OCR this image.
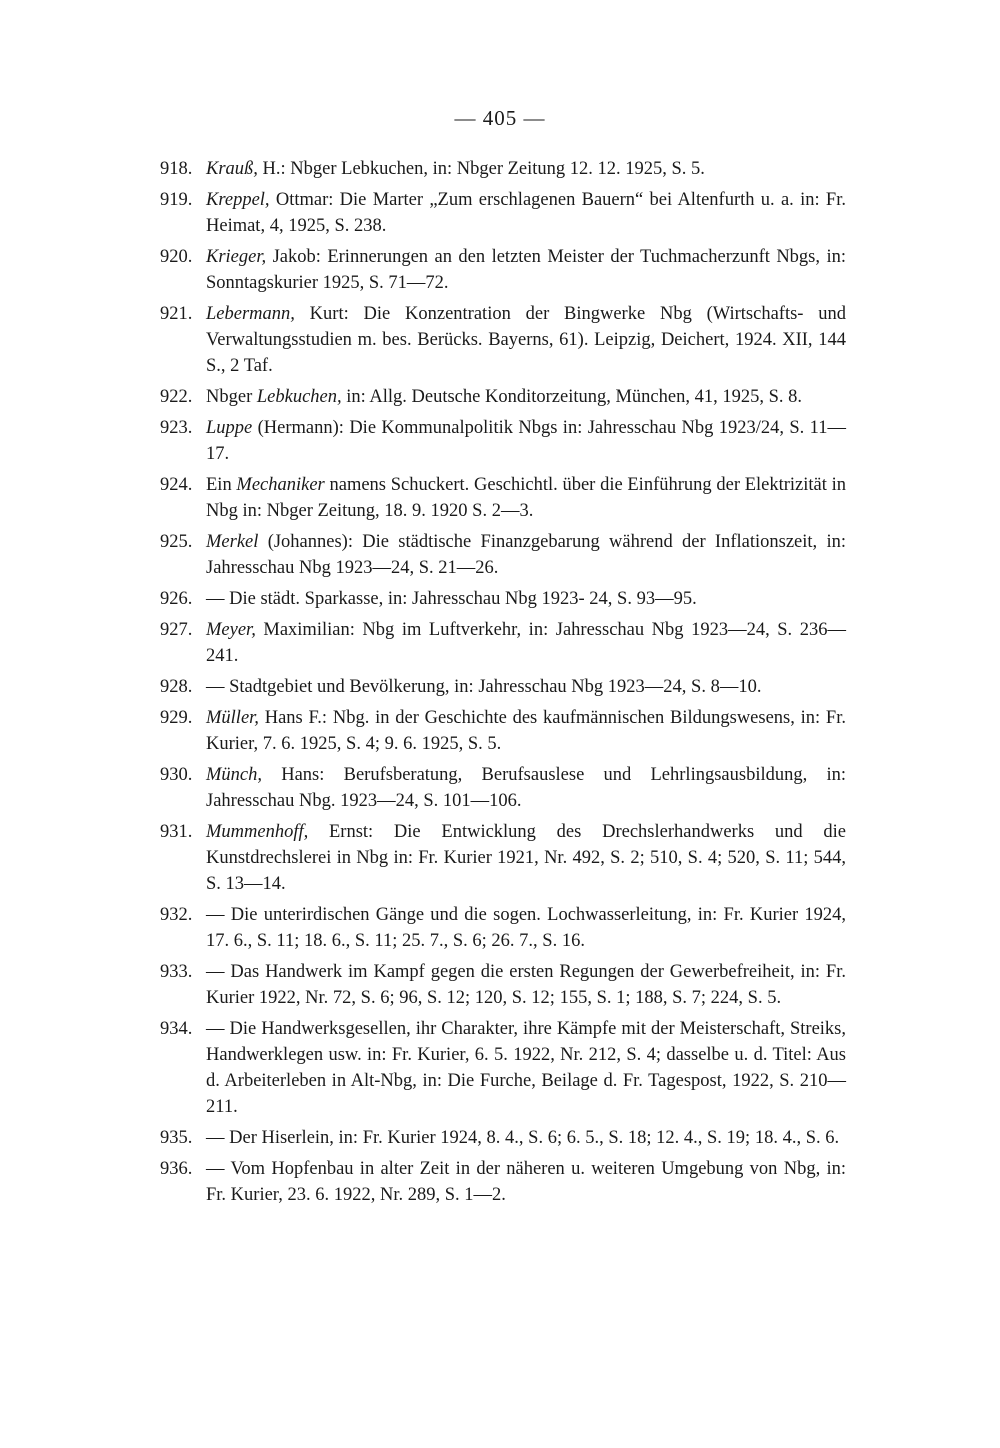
— 405 —
918. Krauß, H.: Nbger Lebkuchen, in: Nbger Zeitung 12. 12. 1925, S. 5.
919. Kreppel, Ottmar: Die Marter „Zum erschlagenen Bauern“ bei Altenfurth u. a. in: Fr. Heimat, 4, 1925, S. 238.
920. Krieger, Jakob: Erinnerungen an den letzten Meister der Tuchmacherzunft Nbgs, in: Sonntagskurier 1925, S. 71—72.
921. Lebermann, Kurt: Die Konzentration der Bingwerke Nbg (Wirtschafts- und Verwaltungsstudien m. bes. Berücks. Bayerns, 61). Leipzig, Deichert, 1924. XII, 144 S., 2 Taf.
922. Nbger Lebkuchen, in: Allg. Deutsche Konditorzeitung, München, 41, 1925, S. 8.
923. Luppe (Hermann): Die Kommunalpolitik Nbgs in: Jahresschau Nbg 1923/24, S. 11—17.
924. Ein Mechaniker namens Schuckert. Geschichtl. über die Einführung der Elektrizität in Nbg in: Nbger Zeitung, 18. 9. 1920 S. 2—3.
925. Merkel (Johannes): Die städtische Finanzgebarung während der Inflationszeit, in: Jahresschau Nbg 1923—24, S. 21—26.
926. — Die städt. Sparkasse, in: Jahresschau Nbg 1923- 24, S. 93—95.
927. Meyer, Maximilian: Nbg im Luftverkehr, in: Jahresschau Nbg 1923—24, S. 236—241.
928. — Stadtgebiet und Bevölkerung, in: Jahresschau Nbg 1923—24, S. 8—10.
929. Müller, Hans F.: Nbg. in der Geschichte des kaufmännischen Bildungswesens, in: Fr. Kurier, 7. 6. 1925, S. 4; 9. 6. 1925, S. 5.
930. Münch, Hans: Berufsberatung, Berufsauslese und Lehrlingsausbildung, in: Jahresschau Nbg. 1923—24, S. 101—106.
931. Mummenhoff, Ernst: Die Entwicklung des Drechslerhandwerks und die Kunstdrechslerei in Nbg in: Fr. Kurier 1921, Nr. 492, S. 2; 510, S. 4; 520, S. 11; 544, S. 13—14.
932. — Die unterirdischen Gänge und die sogen. Lochwasserleitung, in: Fr. Kurier 1924, 17. 6., S. 11; 18. 6., S. 11; 25. 7., S. 6; 26. 7., S. 16.
933. — Das Handwerk im Kampf gegen die ersten Regungen der Gewerbefreiheit, in: Fr. Kurier 1922, Nr. 72, S. 6; 96, S. 12; 120, S. 12; 155, S. 1; 188, S. 7; 224, S. 5.
934. — Die Handwerksgesellen, ihr Charakter, ihre Kämpfe mit der Meisterschaft, Streiks, Handwerklegen usw. in: Fr. Kurier, 6. 5. 1922, Nr. 212, S. 4; dasselbe u. d. Titel: Aus d. Arbeiterleben in Alt-Nbg, in: Die Furche, Beilage d. Fr. Tagespost, 1922, S. 210—211.
935. — Der Hiserlein, in: Fr. Kurier 1924, 8. 4., S. 6; 6. 5., S. 18; 12. 4., S. 19; 18. 4., S. 6.
936. — Vom Hopfenbau in alter Zeit in der näheren u. weiteren Umgebung von Nbg, in: Fr. Kurier, 23. 6. 1922, Nr. 289, S. 1—2.
